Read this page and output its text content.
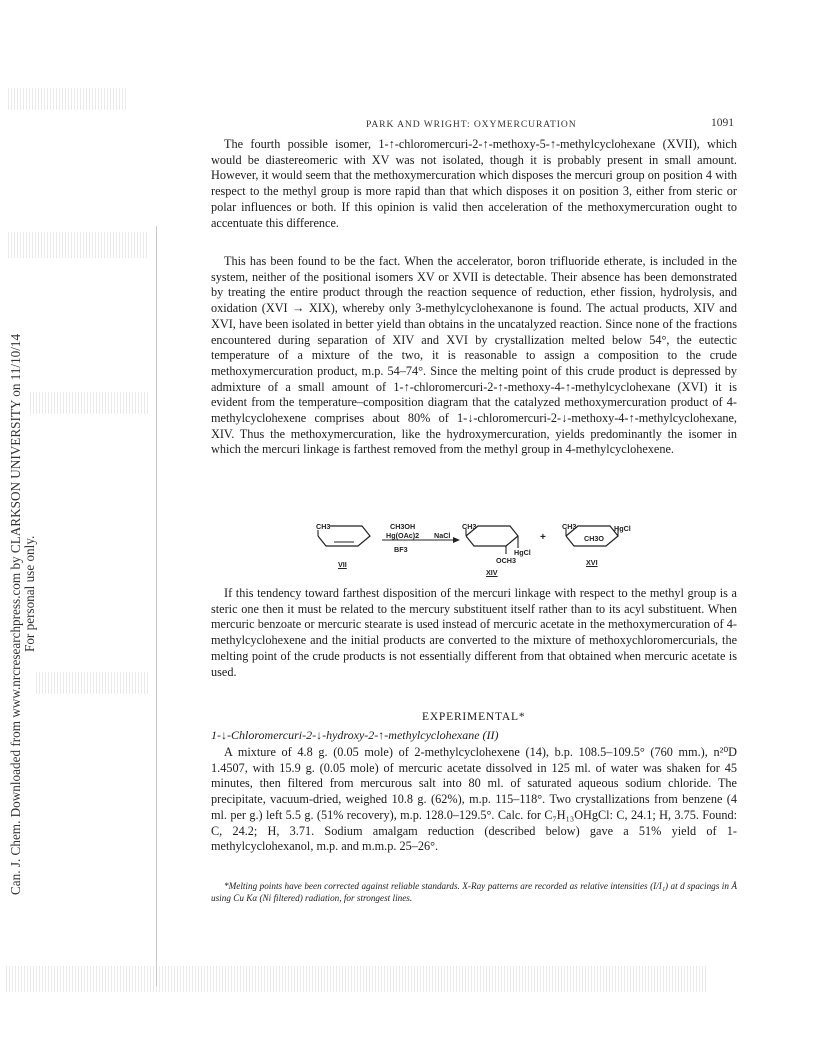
Can. J. Chem. Downloaded from www.nrcresearchpress.com by CLARKSON UNIVERSITY on 11/10/14 For personal use only.
PARK AND WRIGHT: OXYMERCURATION	1091

The fourth possible isomer, 1-↑-chloromercuri-2-↑-methoxy-5-↑-methylcyclohexane (XVII), which would be diastereomeric with XV was not isolated, though it is probably present in small amount. However, it would seem that the methoxymercuration which disposes the mercuri group on position 4 with respect to the methyl group is more rapid than that which disposes it on position 3, either from steric or polar influences or both. If this opinion is valid then acceleration of the methoxymercuration ought to accentuate this difference.

This has been found to be the fact. When the accelerator, boron trifluoride etherate, is included in the system, neither of the positional isomers XV or XVII is detectable. Their absence has been demonstrated by treating the entire product through the reaction sequence of reduction, ether fission, hydrolysis, and oxidation (XVI → XIX), whereby only 3-methylcyclohexanone is found. The actual products, XIV and XVI, have been isolated in better yield than obtains in the uncatalyzed reaction. Since none of the fractions encountered during separation of XIV and XVI by crystallization melted below 54°, the eutectic temperature of a mixture of the two, it is reasonable to assign a composition to the crude methoxymercuration product, m.p. 54–74°. Since the melting point of this crude product is depressed by admixture of a small amount of 1-↑-chloromercuri-2-↑-methoxy-4-↑-methylcyclohexane (XVI) it is evident from the temperature–composition diagram that the catalyzed methoxymercuration product of 4-methylcyclohexene comprises about 80% of 1-↓-chloromercuri-2-↓-methoxy-4-↑-methylcyclohexane, XIV. Thus the methoxymercuration, like the hydroxymercuration, yields predominantly the isomer in which the mercuri linkage is farthest removed from the methyl group in 4-methylcyclohexene.

CH3
VII
CH3OH
Hg(OAc)2 NaCl
BF3
CH3
HgCl
OCH3
XIV
+
CH3	HgCl
CH3O
XVI

If this tendency toward farthest disposition of the mercuri linkage with respect to the methyl group is a steric one then it must be related to the mercury substituent itself rather than to its acyl substituent. When mercuric benzoate or mercuric stearate is used instead of mercuric acetate in the methoxymercuration of 4-methylcyclohexene and the initial products are converted to the mixture of methoxychloromercurials, the melting point of the crude products is not essentially different from that obtained when mercuric acetate is used.

EXPERIMENTAL*
1-↓-Chloromercuri-2-↓-hydroxy-2-↑-methylcyclohexane (II)

A mixture of 4.8 g. (0.05 mole) of 2-methylcyclohexene (14), b.p. 108.5–109.5° (760 mm.), n²⁰D 1.4507, with 15.9 g. (0.05 mole) of mercuric acetate dissolved in 125 ml. of water was shaken for 45 minutes, then filtered from mercurous salt into 80 ml. of saturated aqueous sodium chloride. The precipitate, vacuum-dried, weighed 10.8 g. (62%), m.p. 115–118°. Two crystallizations from benzene (4 ml. per g.) left 5.5 g. (51% recovery), m.p. 128.0–129.5°. Calc. for C₇H₁₃OHgCl: C, 24.1; H, 3.75. Found: C, 24.2; H, 3.71. Sodium amalgam reduction (described below) gave a 51% yield of 1-methylcyclohexanol, m.p. and m.m.p. 25–26°.

*Melting points have been corrected against reliable standards. X-Ray patterns are recorded as relative intensities (I/I₁) at d spacings in Å using Cu Kα (Ni filtered) radiation, for strongest lines.
